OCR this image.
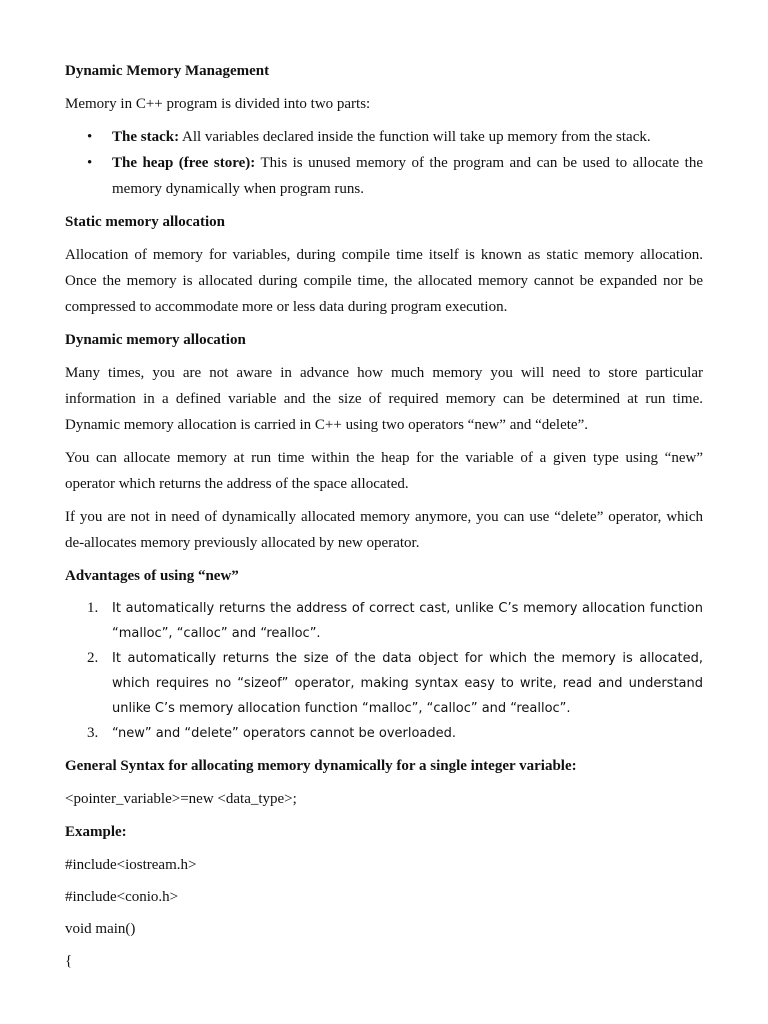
Dynamic Memory Management

Memory in C++ program is divided into two parts:

• The stack: All variables declared inside the function will take up memory from the stack.
• The heap (free store): This is unused memory of the program and can be used to allocate the memory dynamically when program runs.
Static memory allocation

Allocation of memory for variables, during compile time itself is known as static memory allocation. Once the memory is allocated during compile time, the allocated memory cannot be expanded nor be compressed to accommodate more or less data during program execution.

Dynamic memory allocation

Many times, you are not aware in advance how much memory you will need to store particular information in a defined variable and the size of required memory can be determined at run time. Dynamic memory allocation is carried in C++ using two operators “new” and “delete”.

You can allocate memory at run time within the heap for the variable of a given type using “new” operator which returns the address of the space allocated.

If you are not in need of dynamically allocated memory anymore, you can use “delete” operator, which de-allocates memory previously allocated by new operator.

Advantages of using “new”
1. It automatically returns the address of correct cast, unlike C’s memory allocation function “malloc”, “calloc” and “realloc”.
2. It automatically returns the size of the data object for which the memory is allocated, which requires no “sizeof” operator, making syntax easy to write, read and understand unlike C’s memory allocation function “malloc”, “calloc” and “realloc”.
3. “new” and “delete” operators cannot be overloaded.
General Syntax for allocating memory dynamically for a single integer variable:

<pointer_variable>=new <data_type>;

Example:

#include<iostream.h>

#include<conio.h>

void main()

{
